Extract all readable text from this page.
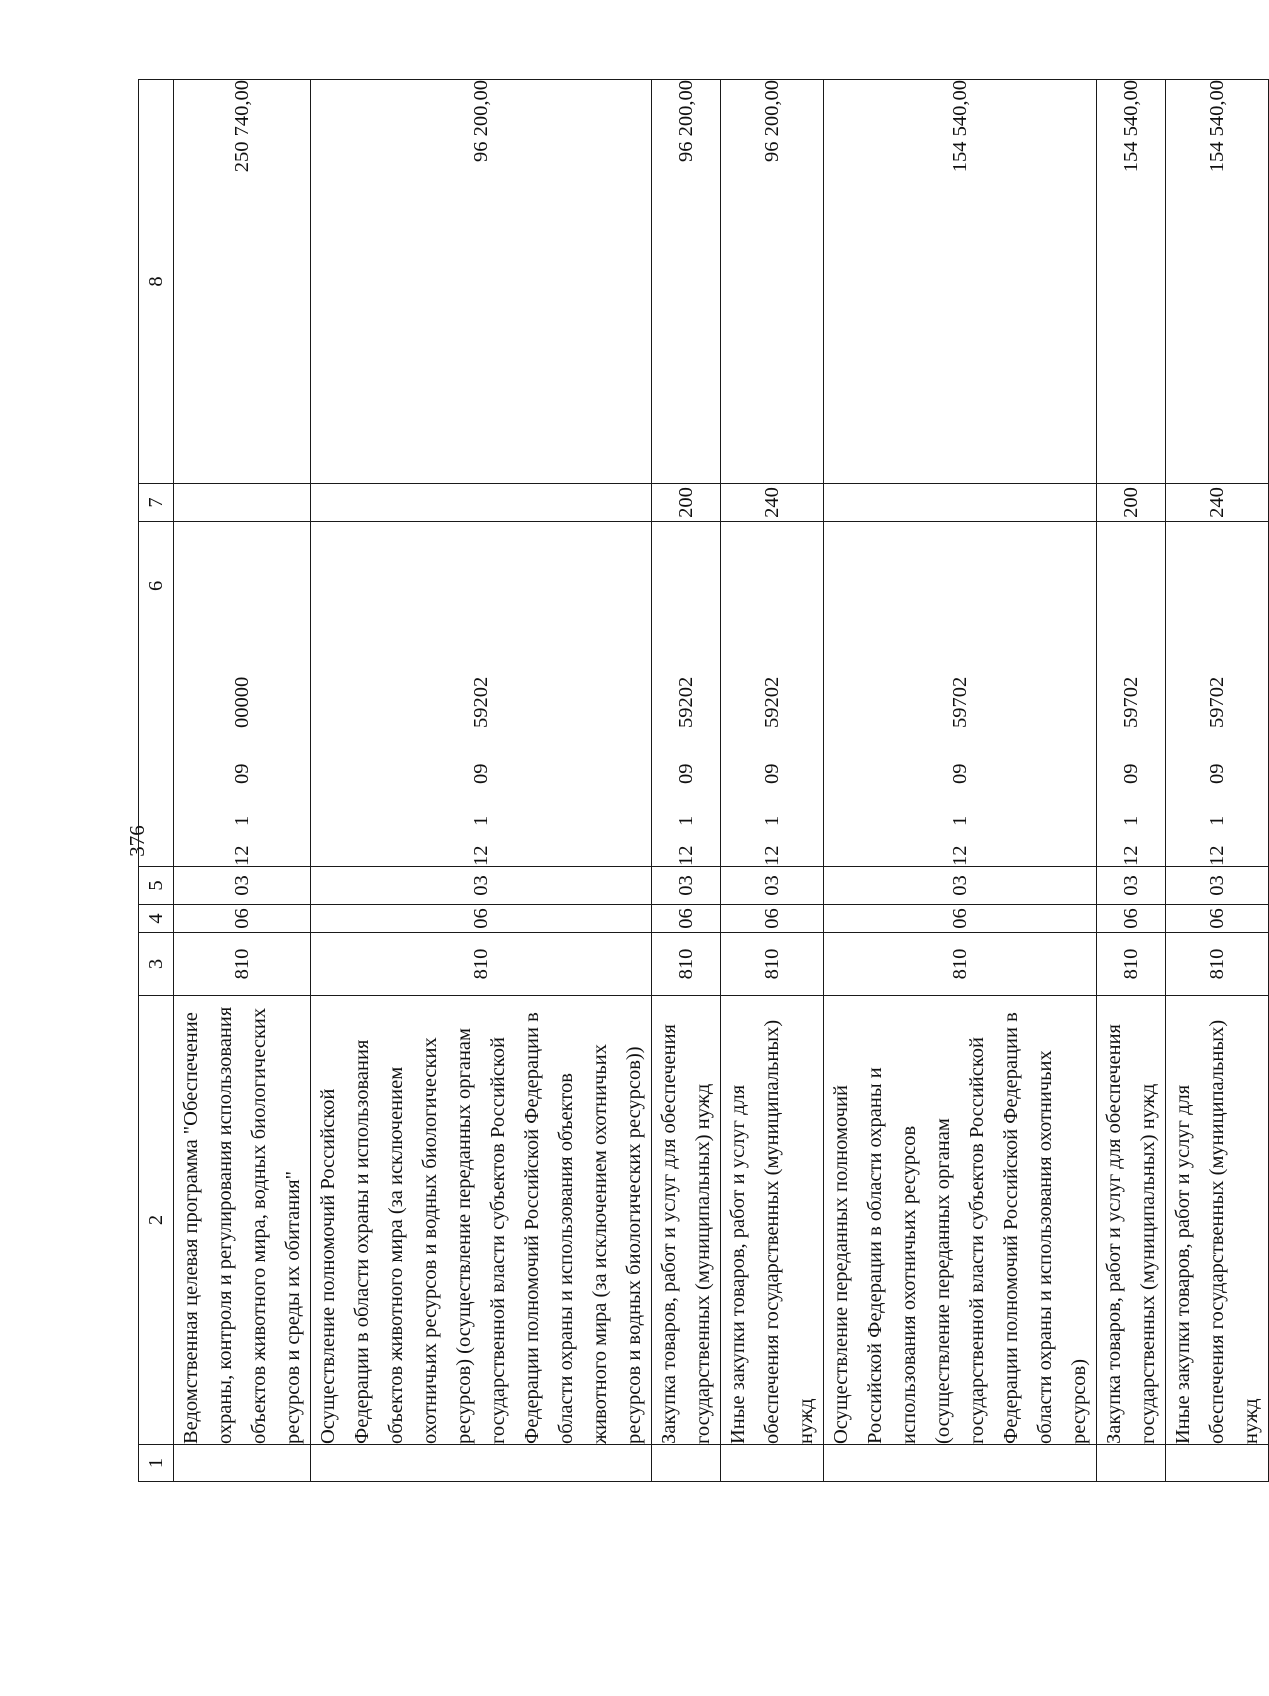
376
1	2	3	4	5	6	7	8
	Ведомственная целевая программа "Обеспечение охраны, контроля и регулирования использования объектов животного мира, водных биологических ресурсов и среды их обитания"	810	06	03	1210900000		250 740,00
	Осуществление полномочий Российской Федерации в области охраны и использования объектов животного мира (за исключением охотничьих ресурсов и водных биологических ресурсов) (осуществление переданных органам государственной власти субъектов Российской Федерации полномочий Российской Федерации в области охраны и использования объектов животного мира (за исключением охотничьих ресурсов и водных биологических ресурсов))	810	06	03	1210959202		96 200,00
	Закупка товаров, работ и услуг для обеспечения государственных (муниципальных) нужд	810	06	03	1210959202	200	96 200,00
	Иные закупки товаров, работ и услуг для обеспечения государственных (муниципальных) нужд	810	06	03	1210959202	240	96 200,00
	Осуществление переданных полномочий Российской Федерации в области охраны и использования охотничьих ресурсов (осуществление переданных органам государственной власти субъектов Российской Федерации полномочий Российской Федерации в области охраны и использования охотничьих ресурсов)	810	06	03	1210959702		154 540,00
	Закупка товаров, работ и услуг для обеспечения государственных (муниципальных) нужд	810	06	03	1210959702	200	154 540,00
	Иные закупки товаров, работ и услуг для обеспечения государственных (муниципальных) нужд	810	06	03	1210959702	240	154 540,00
